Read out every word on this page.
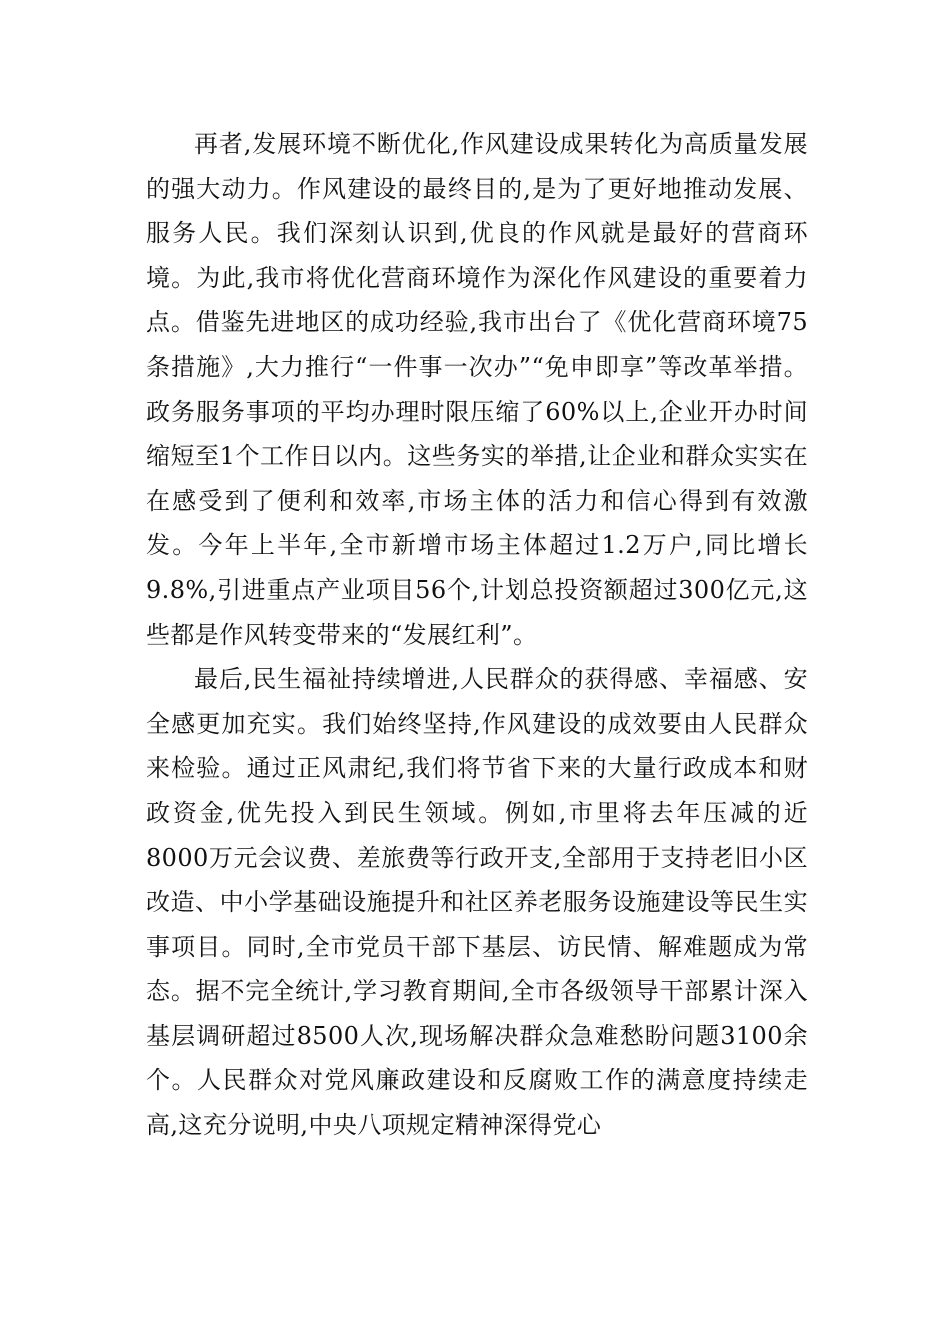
再者,发展环境不断优化,作风建设成果转化为高质量发展的强大动力。作风建设的最终目的,是为了更好地推动发展、服务人民。我们深刻认识到,优良的作风就是最好的营商环境。为此,我市将优化营商环境作为深化作风建设的重要着力点。借鉴先进地区的成功经验,我市出台了《优化营商环境75条措施》,大力推行“一件事一次办”“免申即享”等改革举措。政务服务事项的平均办理时限压缩了60%以上,企业开办时间缩短至1个工作日以内。这些务实的举措,让企业和群众实实在在感受到了便利和效率,市场主体的活力和信心得到有效激发。今年上半年,全市新增市场主体超过1.2万户,同比增长9.8%,引进重点产业项目56个,计划总投资额超过300亿元,这些都是作风转变带来的“发展红利”。

最后,民生福祉持续增进,人民群众的获得感、幸福感、安全感更加充实。我们始终坚持,作风建设的成效要由人民群众来检验。通过正风肃纪,我们将节省下来的大量行政成本和财政资金,优先投入到民生领域。例如,市里将去年压减的近8000万元会议费、差旅费等行政开支,全部用于支持老旧小区改造、中小学基础设施提升和社区养老服务设施建设等民生实事项目。同时,全市党员干部下基层、访民情、解难题成为常态。据不完全统计,学习教育期间,全市各级领导干部累计深入基层调研超过8500人次,现场解决群众急难愁盼问题3100余个。人民群众对党风廉政建设和反腐败工作的满意度持续走高,这充分说明,中央八项规定精神深得党心
